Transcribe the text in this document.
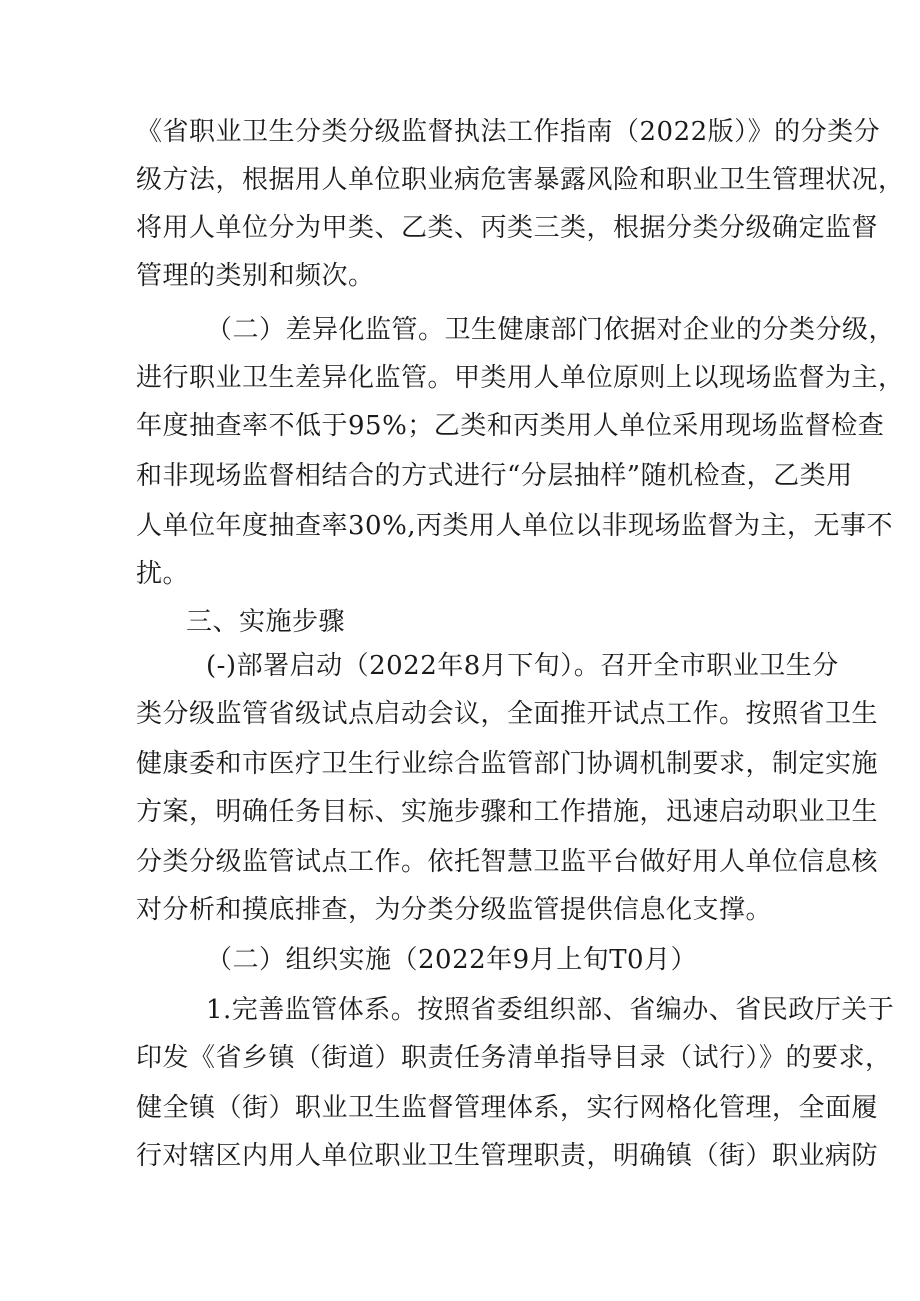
《省职业卫生分类分级监督执法工作指南（2022版）》的分类分
级方法，根据用人单位职业病危害暴露风险和职业卫生管理状况，
将用人单位分为甲类、乙类、丙类三类，根据分类分级确定监督
管理的类别和频次。
（二）差异化监管。卫生健康部门依据对企业的分类分级，
进行职业卫生差异化监管。甲类用人单位原则上以现场监督为主，
年度抽查率不低于95%；乙类和丙类用人单位采用现场监督检查
和非现场监督相结合的方式进行“分层抽样”随机检查，乙类用
人单位年度抽查率30%,丙类用人单位以非现场监督为主，无事不
扰。
三、实施步骤
(-)部署启动（2022年8月下旬）。召开全市职业卫生分
类分级监管省级试点启动会议，全面推开试点工作。按照省卫生
健康委和市医疗卫生行业综合监管部门协调机制要求，制定实施
方案，明确任务目标、实施步骤和工作措施，迅速启动职业卫生
分类分级监管试点工作。依托智慧卫监平台做好用人单位信息核
对分析和摸底排查，为分类分级监管提供信息化支撑。
（二）组织实施（2022年9月上旬T0月）
1.完善监管体系。按照省委组织部、省编办、省民政厅关于
印发《省乡镇（街道）职责任务清单指导目录（试行）》的要求，
健全镇（街）职业卫生监督管理体系，实行网格化管理，全面履
行对辖区内用人单位职业卫生管理职责，明确镇（街）职业病防
